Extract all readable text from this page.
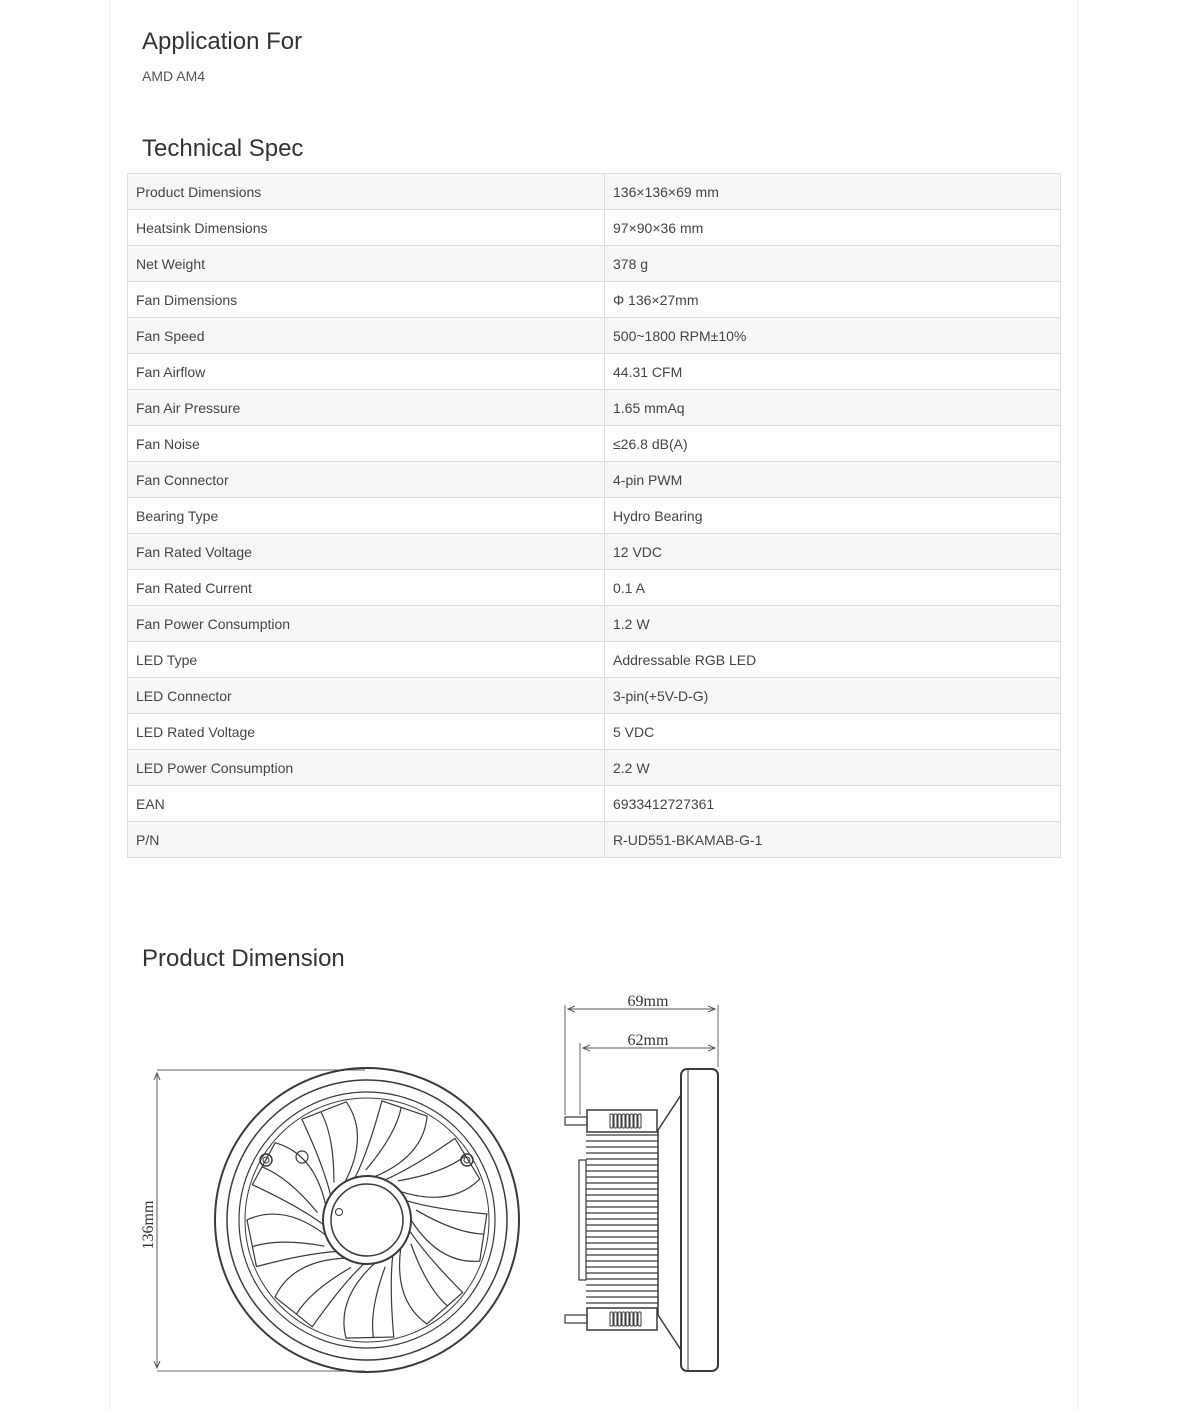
Application For

AMD AM4

Technical Spec
Product Dimensions	136×136×69 mm
Heatsink Dimensions	97×90×36 mm
Net Weight	378 g
Fan Dimensions	Φ 136×27mm
Fan Speed	500~1800 RPM±10%
Fan Airflow	44.31 CFM
Fan Air Pressure	1.65 mmAq
Fan Noise	≤26.8 dB(A)
Fan Connector	4-pin PWM
Bearing Type	Hydro Bearing
Fan Rated Voltage	12 VDC
Fan Rated Current	0.1 A
Fan Power Consumption	1.2 W
LED Type	Addressable RGB LED
LED Connector	3-pin(+5V-D-G)
LED Rated Voltage	5 VDC
LED Power Consumption	2.2 W
EAN	6933412727361
P/N	R-UD551-BKAMAB-G-1
Product Dimension
136mm
69mm
62mm
